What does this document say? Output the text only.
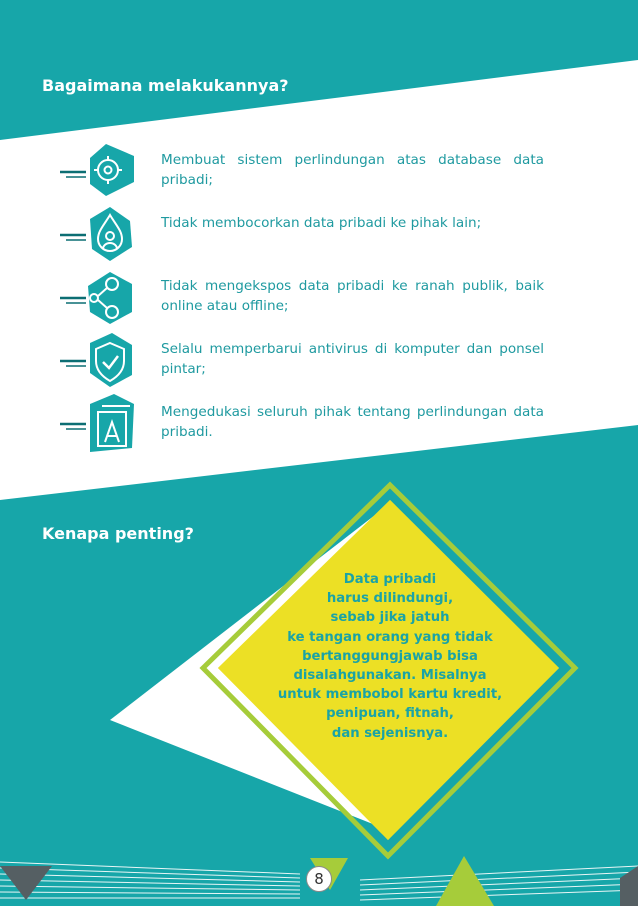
Bagaimana melakukannya?
Membuat sistem perlindungan atas database data pribadi;
Tidak membocorkan data pribadi ke pihak lain;
Tidak mengekspos data pribadi ke ranah publik, baik online atau offline;
Selalu memperbarui antivirus di komputer dan ponsel pintar;
Mengedukasi seluruh pihak tentang perlindungan data pribadi.
Kenapa penting?
Data pribadi
harus dilindungi,
sebab jika jatuh
ke tangan orang yang tidak
bertanggungjawab bisa
disalahgunakan. Misalnya
untuk membobol kartu kredit,
penipuan, fitnah,
dan sejenisnya.
8
